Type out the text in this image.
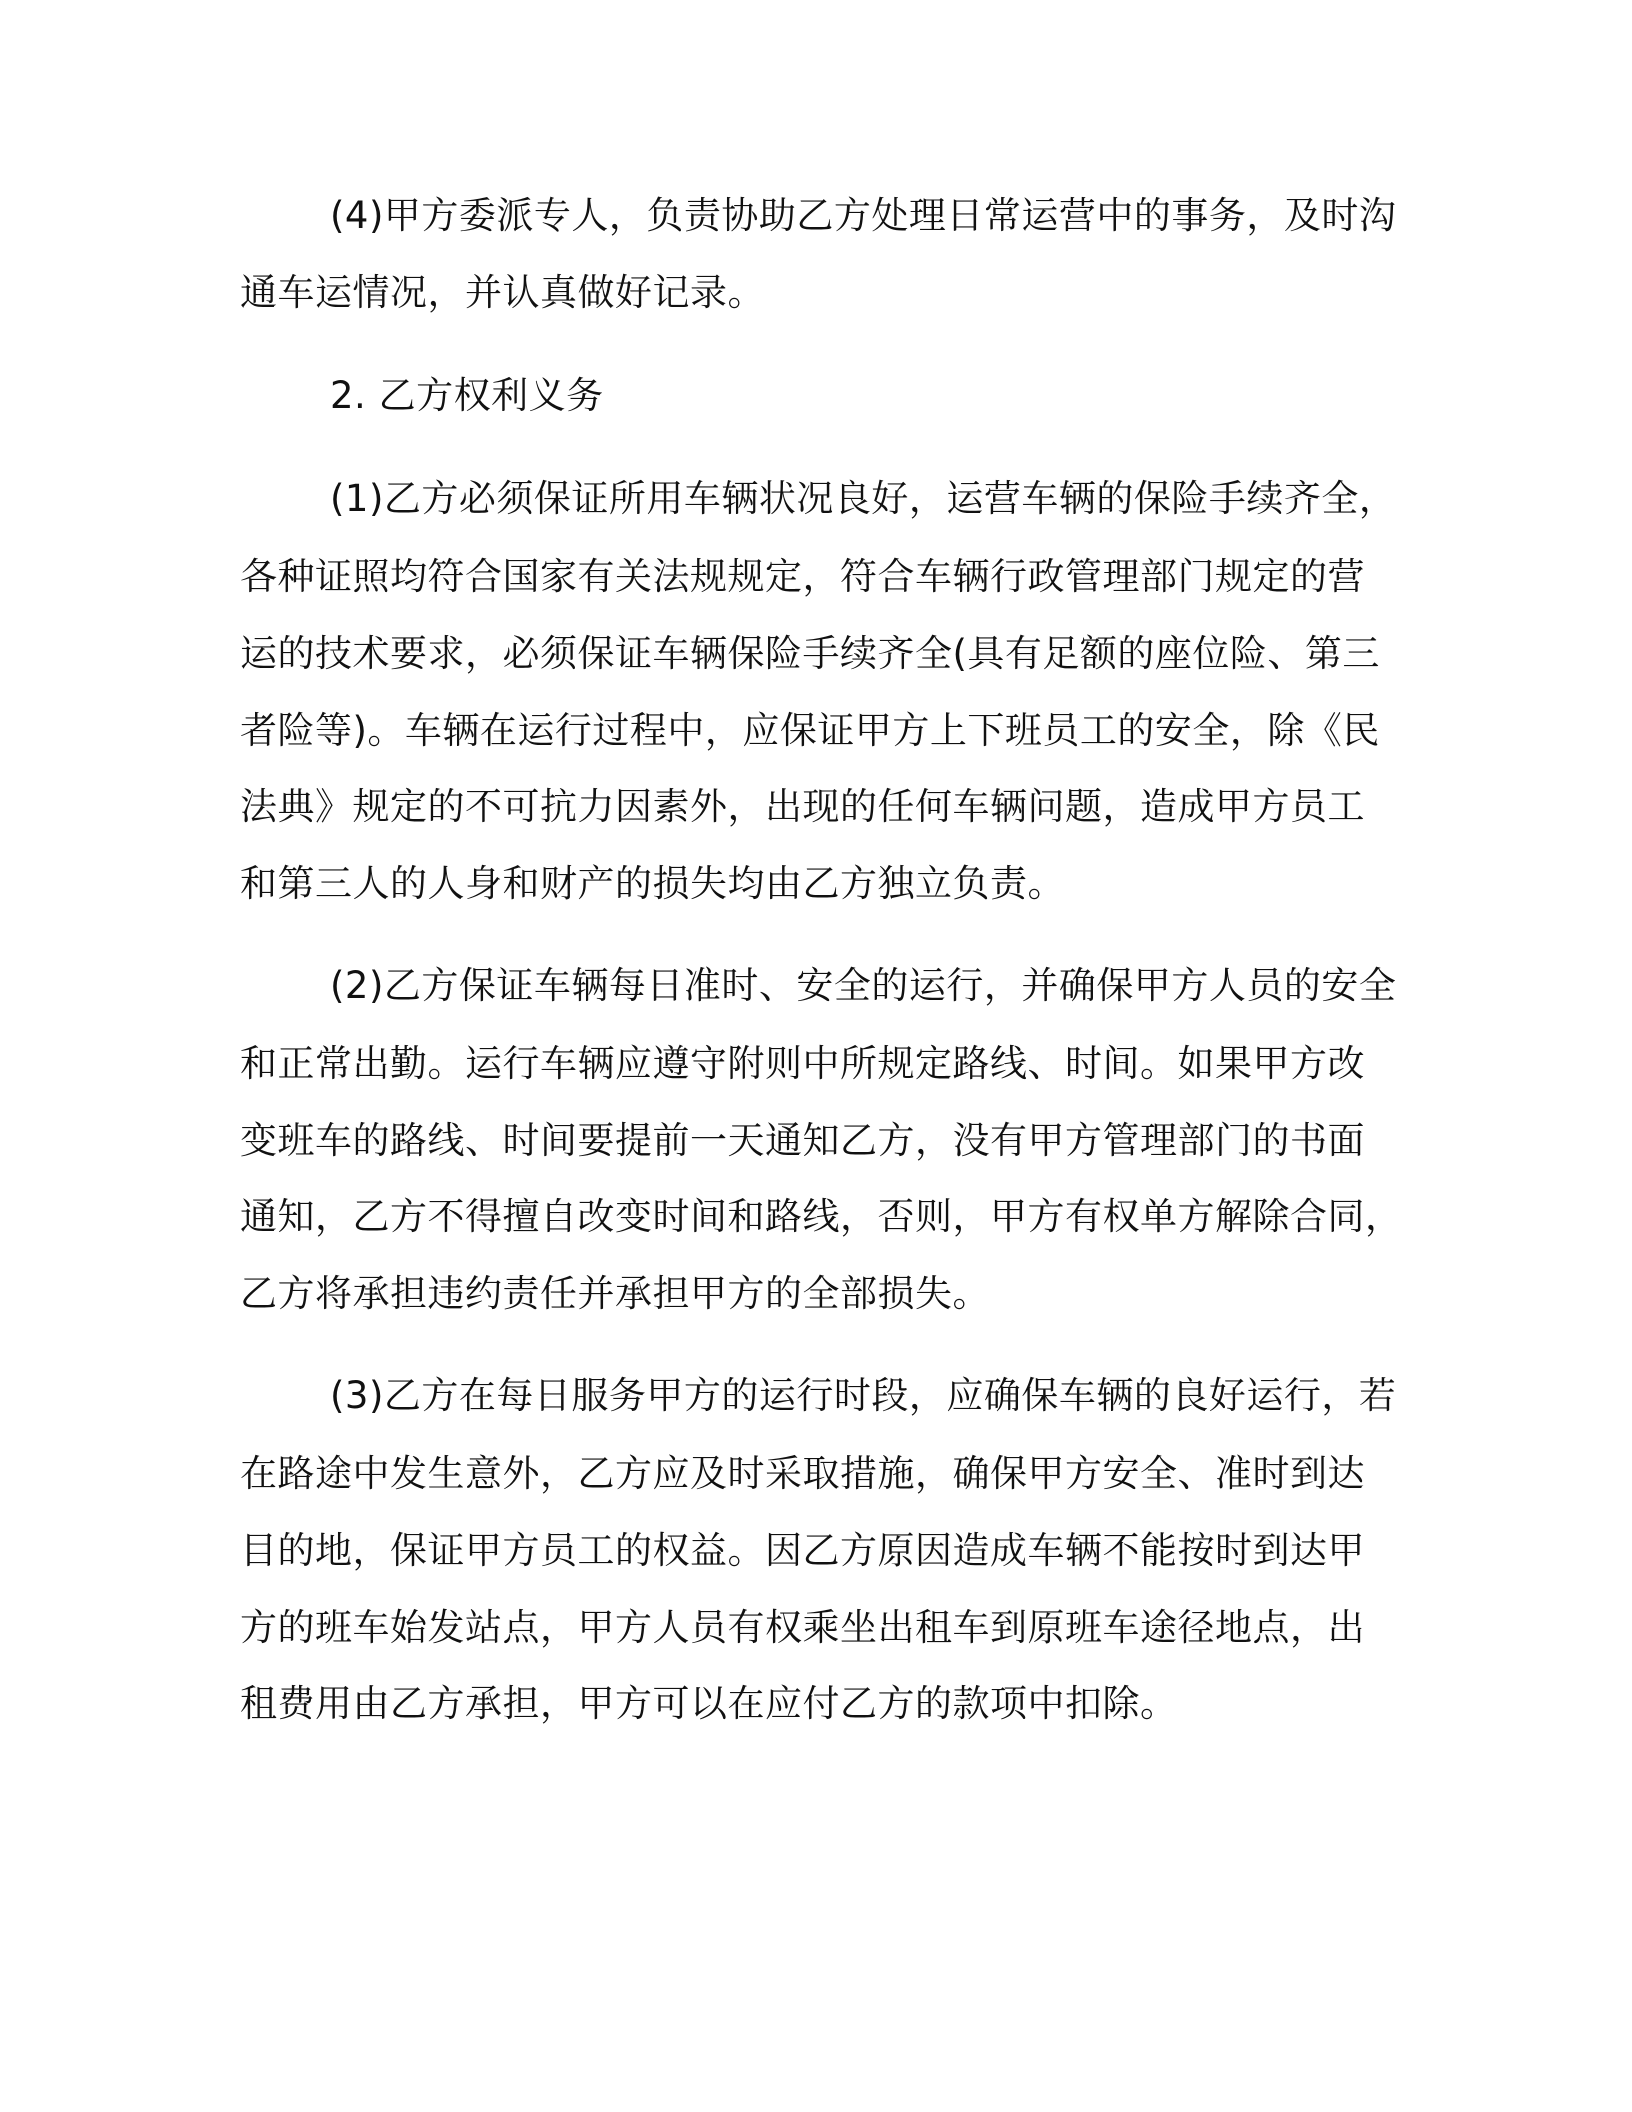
(4)甲方委派专人，负责协助乙方处理日常运营中的事务，及时沟

通车运情况，并认真做好记录。

2. 乙方权利义务

(1)乙方必须保证所用车辆状况良好，运营车辆的保险手续齐全，

各种证照均符合国家有关法规规定，符合车辆行政管理部门规定的营

运的技术要求，必须保证车辆保险手续齐全(具有足额的座位险、第三

者险等)。车辆在运行过程中，应保证甲方上下班员工的安全，除《民

法典》规定的不可抗力因素外，出现的任何车辆问题，造成甲方员工

和第三人的人身和财产的损失均由乙方独立负责。

(2)乙方保证车辆每日准时、安全的运行，并确保甲方人员的安全

和正常出勤。运行车辆应遵守附则中所规定路线、时间。如果甲方改

变班车的路线、时间要提前一天通知乙方，没有甲方管理部门的书面

通知，乙方不得擅自改变时间和路线，否则，甲方有权单方解除合同，

乙方将承担违约责任并承担甲方的全部损失。

(3)乙方在每日服务甲方的运行时段，应确保车辆的良好运行，若

在路途中发生意外，乙方应及时采取措施，确保甲方安全、准时到达

目的地，保证甲方员工的权益。因乙方原因造成车辆不能按时到达甲

方的班车始发站点，甲方人员有权乘坐出租车到原班车途径地点，出

租费用由乙方承担，甲方可以在应付乙方的款项中扣除。
